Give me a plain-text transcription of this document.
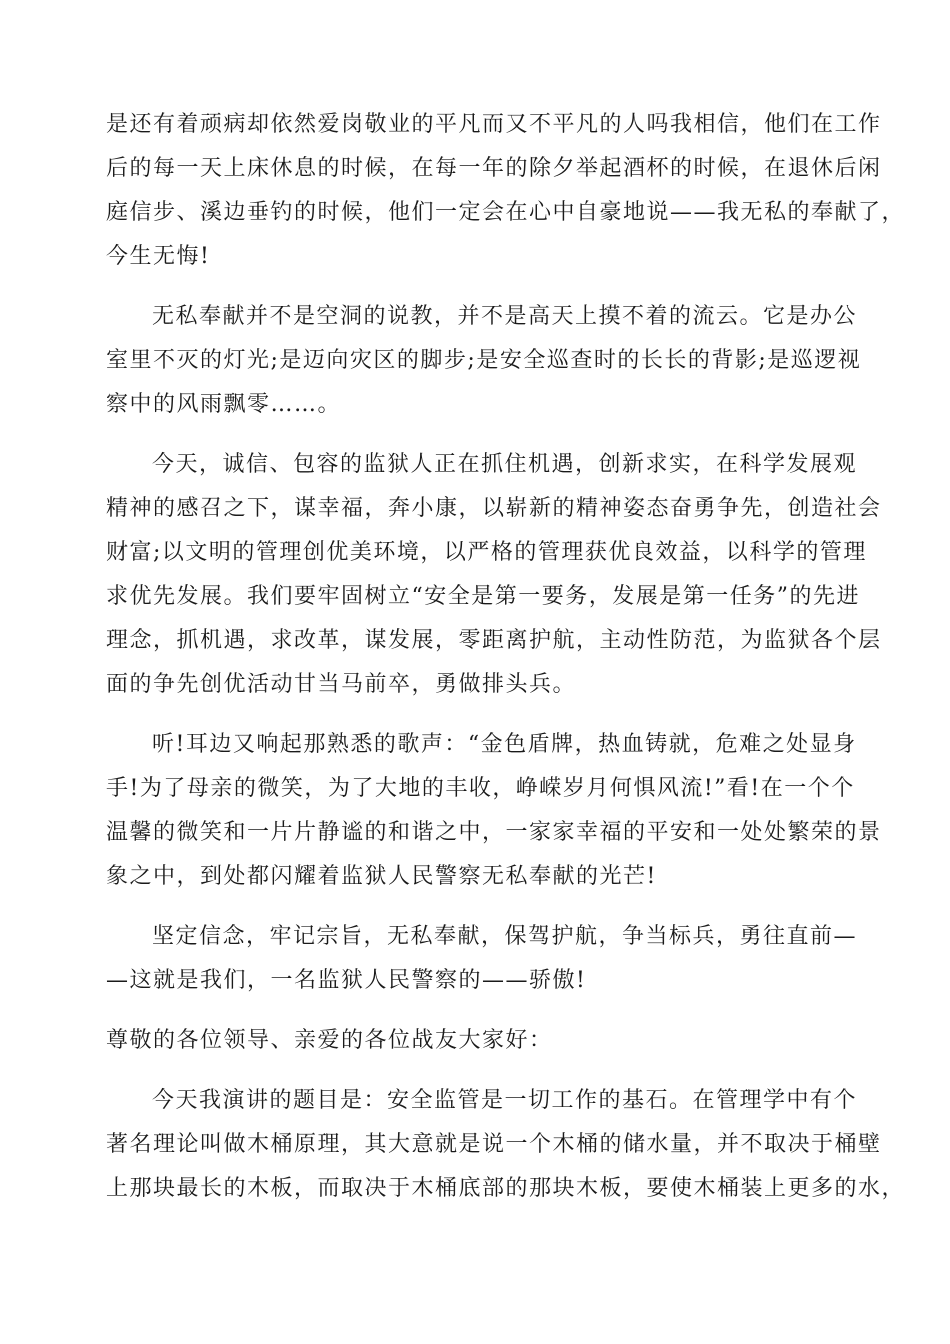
是还有着顽病却依然爱岗敬业的平凡而又不平凡的人吗我相信，他们在工作
后的每一天上床休息的时候，在每一年的除夕举起酒杯的时候，在退休后闲
庭信步、溪边垂钓的时候，他们一定会在心中自豪地说——我无私的奉献了，
今生无悔!
无私奉献并不是空洞的说教，并不是高天上摸不着的流云。它是办公
室里不灭的灯光;是迈向灾区的脚步;是安全巡查时的长长的背影;是巡逻视
察中的风雨飘零……。
今天，诚信、包容的监狱人正在抓住机遇，创新求实，在科学发展观
精神的感召之下，谋幸福，奔小康，以崭新的精神姿态奋勇争先，创造社会
财富;以文明的管理创优美环境，以严格的管理获优良效益，以科学的管理
求优先发展。我们要牢固树立“安全是第一要务，发展是第一任务”的先进
理念，抓机遇，求改革，谋发展，零距离护航，主动性防范，为监狱各个层
面的争先创优活动甘当马前卒，勇做排头兵。
听!耳边又响起那熟悉的歌声：“金色盾牌，热血铸就，危难之处显身
手!为了母亲的微笑，为了大地的丰收，峥嵘岁月何惧风流!”看!在一个个
温馨的微笑和一片片静谧的和谐之中，一家家幸福的平安和一处处繁荣的景
象之中，到处都闪耀着监狱人民警察无私奉献的光芒!
坚定信念，牢记宗旨，无私奉献，保驾护航，争当标兵，勇往直前—
—这就是我们，一名监狱人民警察的——骄傲!
尊敬的各位领导、亲爱的各位战友大家好：
今天我演讲的题目是：安全监管是一切工作的基石。在管理学中有个
著名理论叫做木桶原理，其大意就是说一个木桶的储水量，并不取决于桶壁
上那块最长的木板，而取决于木桶底部的那块木板，要使木桶装上更多的水，
